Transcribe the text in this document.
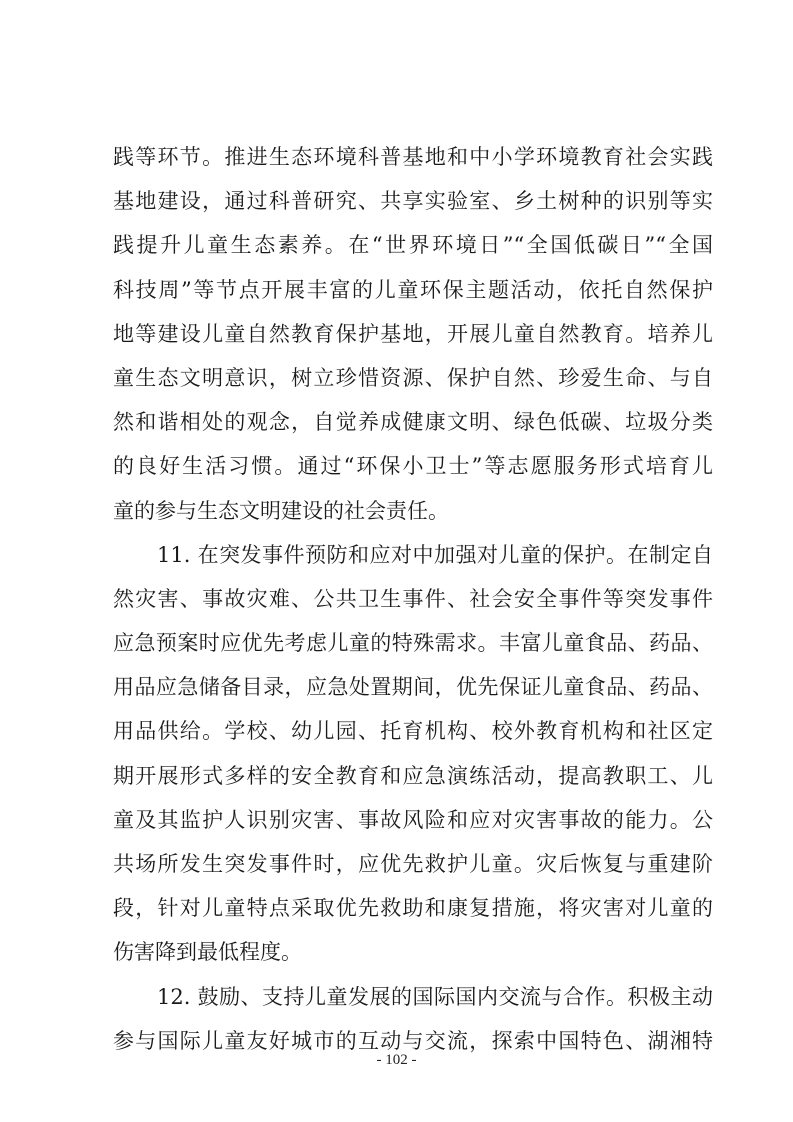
践等环节。推进生态环境科普基地和中小学环境教育社会实践
基地建设，通过科普研究、共享实验室、乡土树种的识别等实
践提升儿童生态素养。在“世界环境日”“全国低碳日”“全国
科技周”等节点开展丰富的儿童环保主题活动，依托自然保护
地等建设儿童自然教育保护基地，开展儿童自然教育。培养儿
童生态文明意识，树立珍惜资源、保护自然、珍爱生命、与自
然和谐相处的观念，自觉养成健康文明、绿色低碳、垃圾分类
的良好生活习惯。通过“环保小卫士”等志愿服务形式培育儿
童的参与生态文明建设的社会责任。
11. 在突发事件预防和应对中加强对儿童的保护。在制定自
然灾害、事故灾难、公共卫生事件、社会安全事件等突发事件
应急预案时应优先考虑儿童的特殊需求。丰富儿童食品、药品、
用品应急储备目录，应急处置期间，优先保证儿童食品、药品、
用品供给。学校、幼儿园、托育机构、校外教育机构和社区定
期开展形式多样的安全教育和应急演练活动，提高教职工、儿
童及其监护人识别灾害、事故风险和应对灾害事故的能力。公
共场所发生突发事件时，应优先救护儿童。灾后恢复与重建阶
段，针对儿童特点采取优先救助和康复措施，将灾害对儿童的
伤害降到最低程度。
12. 鼓励、支持儿童发展的国际国内交流与合作。积极主动
参与国际儿童友好城市的互动与交流，探索中国特色、湖湘特
- 102 -
